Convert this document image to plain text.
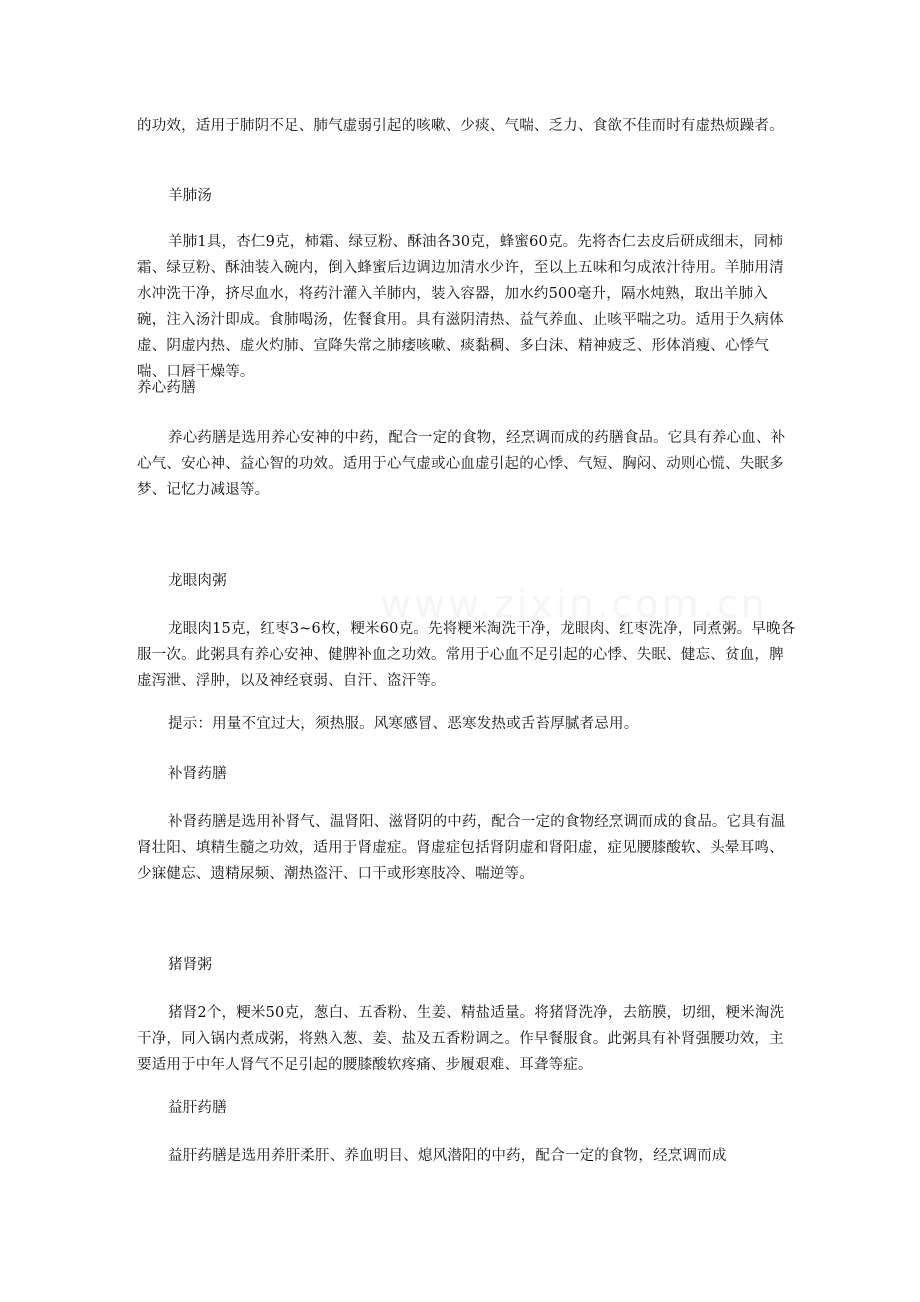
www.zixin.com.cn

的功效，适用于肺阴不足、肺气虚弱引起的咳嗽、少痰、气喘、乏力、食欲不佳而时有虚热烦躁者。

羊肺汤

羊肺1具，杏仁9克，柿霜、绿豆粉、酥油各30克，蜂蜜60克。先将杏仁去皮后研成细末，同柿霜、绿豆粉、酥油装入碗内，倒入蜂蜜后边调边加清水少许，至以上五味和匀成浓汁待用。羊肺用清水冲洗干净，挤尽血水，将药汁灌入羊肺内，装入容器，加水约500毫升，隔水炖熟，取出羊肺入碗，注入汤汁即成。食肺喝汤，佐餐食用。具有滋阴清热、益气养血、止咳平喘之功。适用于久病体虚、阴虚内热、虚火灼肺、宣降失常之肺痿咳嗽、痰黏稠、多白沫、精神疲乏、形体消瘦、心悸气喘、口唇干燥等。

养心药膳

养心药膳是选用养心安神的中药，配合一定的食物，经烹调而成的药膳食品。它具有养心血、补心气、安心神、益心智的功效。适用于心气虚或心血虚引起的心悸、气短、胸闷、动则心慌、失眠多梦、记忆力减退等。

龙眼肉粥

龙眼肉15克，红枣3~6枚，粳米60克。先将粳米淘洗干净，龙眼肉、红枣洗净，同煮粥。早晚各服一次。此粥具有养心安神、健脾补血之功效。常用于心血不足引起的心悸、失眠、健忘、贫血，脾虚泻泄、浮肿，以及神经衰弱、自汗、盗汗等。

提示：用量不宜过大，须热服。风寒感冒、恶寒发热或舌苔厚腻者忌用。

补肾药膳

补肾药膳是选用补肾气、温肾阳、滋肾阴的中药，配合一定的食物经烹调而成的食品。它具有温肾壮阳、填精生髓之功效，适用于肾虚症。肾虚症包括肾阴虚和肾阳虚，症见腰膝酸软、头晕耳鸣、少寐健忘、遗精尿频、潮热盗汗、口干或形寒肢冷、喘逆等。

猪肾粥

猪肾2个，粳米50克，葱白、五香粉、生姜、精盐适量。将猪肾洗净，去筋膜，切细，粳米淘洗干净，同入锅内煮成粥，将熟入葱、姜、盐及五香粉调之。作早餐服食。此粥具有补肾强腰功效，主要适用于中年人肾气不足引起的腰膝酸软疼痛、步履艰难、耳聋等症。

益肝药膳

益肝药膳是选用养肝柔肝、养血明目、熄风潜阳的中药，配合一定的食物，经烹调而成
